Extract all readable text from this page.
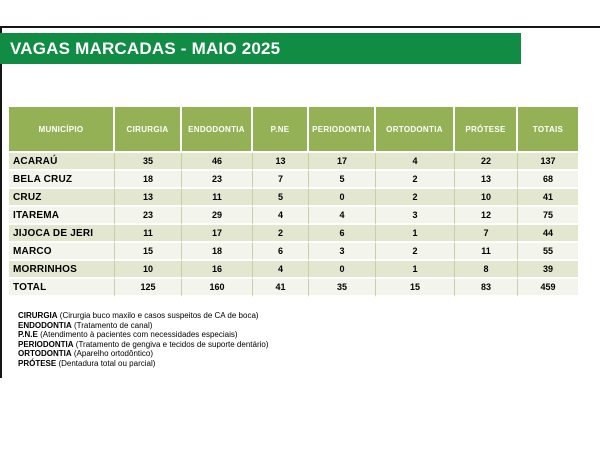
VAGAS MARCADAS - MAIO 2025
MUNICÍPIO	CIRURGIA	ENDODONTIA	P.NE	PERIODONTIA	ORTODONTIA	PRÓTESE	TOTAIS
ACARAÚ	35	46	13	17	4	22	137
BELA CRUZ	18	23	7	5	2	13	68
CRUZ	13	11	5	0	2	10	41
ITAREMA	23	29	4	4	3	12	75
JIJOCA DE JERI	11	17	2	6	1	7	44
MARCO	15	18	6	3	2	11	55
MORRINHOS	10	16	4	0	1	8	39
TOTAL	125	160	41	35	15	83	459
CIRURGIA (Cirurgia buco maxilo e casos suspeitos de CA de boca)
ENDODONTIA (Tratamento de canal)
P.N.E (Atendimento à pacientes com necessidades especiais)
PERIODONTIA (Tratamento de gengiva e tecidos de suporte dentário)
ORTODONTIA (Aparelho ortodôntico)
PRÓTESE (Dentadura total ou parcial)
